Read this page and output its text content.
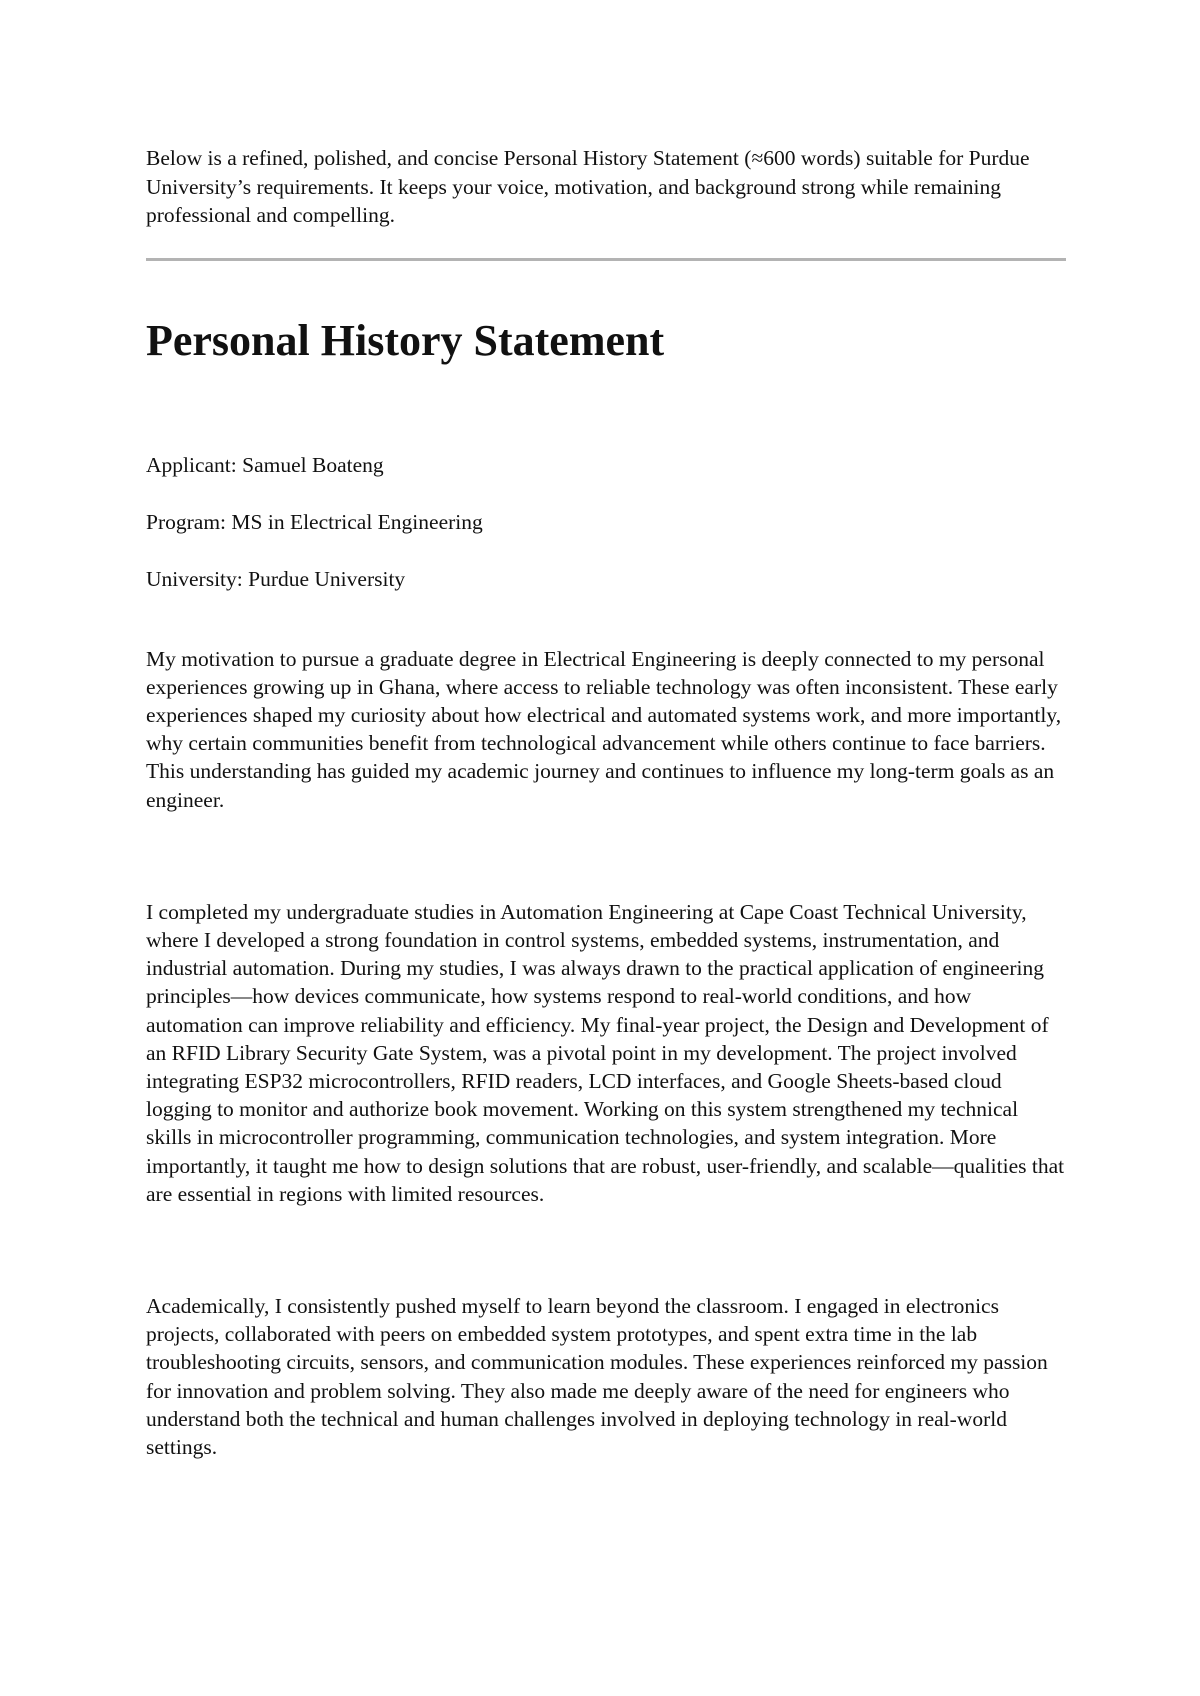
Below is a refined, polished, and concise Personal History Statement (≈600 words) suitable for Purdue University’s requirements. It keeps your voice, motivation, and background strong while remaining professional and compelling.

Personal History Statement

Applicant: Samuel Boateng

Program: MS in Electrical Engineering

University: Purdue University

My motivation to pursue a graduate degree in Electrical Engineering is deeply connected to my personal experiences growing up in Ghana, where access to reliable technology was often inconsistent. These early experiences shaped my curiosity about how electrical and automated systems work, and more importantly, why certain communities benefit from technological advancement while others continue to face barriers. This understanding has guided my academic journey and continues to influence my long-term goals as an engineer.

I completed my undergraduate studies in Automation Engineering at Cape Coast Technical University, where I developed a strong foundation in control systems, embedded systems, instrumentation, and industrial automation. During my studies, I was always drawn to the practical application of engineering principles—how devices communicate, how systems respond to real-world conditions, and how automation can improve reliability and efficiency. My final-year project, the Design and Development of an RFID Library Security Gate System, was a pivotal point in my development. The project involved integrating ESP32 microcontrollers, RFID readers, LCD interfaces, and Google Sheets-based cloud logging to monitor and authorize book movement. Working on this system strengthened my technical skills in microcontroller programming, communication technologies, and system integration. More importantly, it taught me how to design solutions that are robust, user-friendly, and scalable—qualities that are essential in regions with limited resources.

Academically, I consistently pushed myself to learn beyond the classroom. I engaged in electronics projects, collaborated with peers on embedded system prototypes, and spent extra time in the lab troubleshooting circuits, sensors, and communication modules. These experiences reinforced my passion for innovation and problem solving. They also made me deeply aware of the need for engineers who understand both the technical and human challenges involved in deploying technology in real-world settings.
